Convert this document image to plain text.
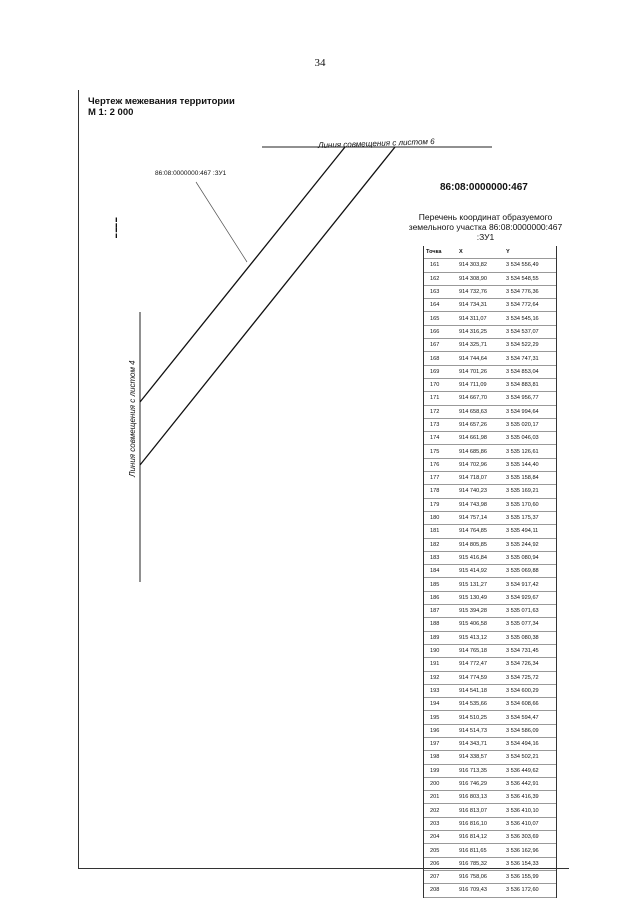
34
Чертеж межевания территории
М 1: 2 000
Линия совмещения с листом 6
Линия совмещения с листом 4
86:08:0000000:467 :ЗУ1
▬ ▬▬ ▬
86:08:0000000:467
Перечень координат образуемого земельного участка 86:08:0000000:467 :ЗУ1
Точка	X	Y
161	914 303,82	3 534 556,49
162	914 308,90	3 534 548,55
163	914 732,76	3 534 776,36
164	914 734,31	3 534 772,64
165	914 311,07	3 534 545,16
166	914 316,25	3 534 537,07
167	914 325,71	3 534 522,29
168	914 744,64	3 534 747,31
169	914 701,26	3 534 853,04
170	914 711,09	3 534 883,81
171	914 667,70	3 534 956,77
172	914 658,63	3 534 994,64
173	914 657,26	3 535 020,17
174	914 661,98	3 535 046,03
175	914 685,86	3 535 126,61
176	914 702,96	3 535 144,40
177	914 718,07	3 535 158,84
178	914 740,23	3 535 169,21
179	914 743,98	3 535 170,60
180	914 757,14	3 535 175,37
181	914 764,85	3 535 494,11
182	914 805,85	3 535 244,92
183	915 416,84	3 535 080,94
184	915 414,92	3 535 069,88
185	915 131,27	3 534 917,42
186	915 130,49	3 534 929,67
187	915 394,28	3 535 071,63
188	915 406,58	3 535 077,34
189	915 413,12	3 535 080,38
190	914 765,18	3 534 731,45
191	914 772,47	3 534 726,34
192	914 774,59	3 534 725,72
193	914 541,18	3 534 600,29
194	914 535,66	3 534 608,66
195	914 510,25	3 534 594,47
196	914 514,73	3 534 586,09
197	914 343,71	3 534 494,16
198	914 338,57	3 534 502,21
199	916 713,35	3 536 449,62
200	916 746,29	3 536 442,91
201	916 803,13	3 536 416,39
202	916 813,07	3 536 410,10
203	916 816,10	3 536 410,07
204	916 814,12	3 536 303,69
205	916 811,65	3 536 162,96
206	916 785,32	3 536 154,33
207	916 758,06	3 536 155,99
208	916 709,43	3 536 172,60
